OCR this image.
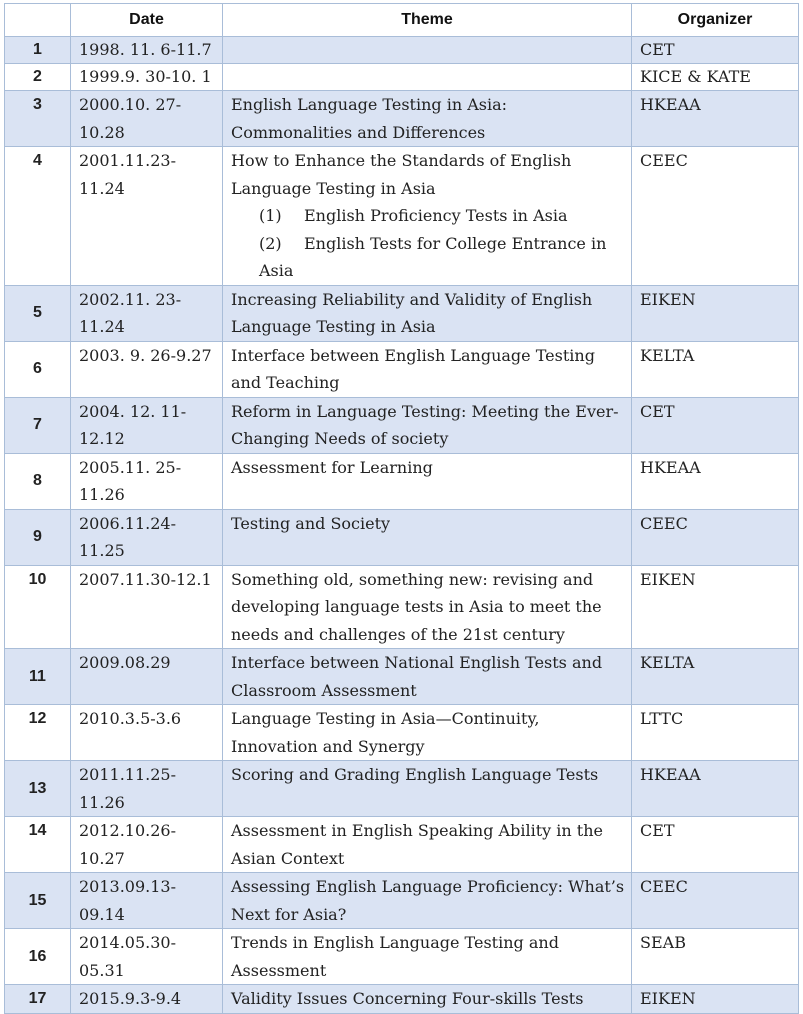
	Date	Theme	Organizer
1	1998. 11. 6-11.7		CET
2	1999.9. 30-10. 1		KICE & KATE
3	2000.10. 27-10.28	English Language Testing in Asia: Commonalities and Differences	HKEAA
4	2001.11.23-11.24	How to Enhance the Standards of English Language Testing in Asia
(1) English Proficiency Tests in Asia
(2) English Tests for College Entrance in Asia	CEEC
5	2002.11. 23-11.24	Increasing Reliability and Validity of English Language Testing in Asia	EIKEN
6	2003. 9. 26-9.27	Interface between English Language Testing and Teaching	KELTA
7	2004. 12. 11-12.12	Reform in Language Testing: Meeting the Ever-Changing Needs of society	CET
8	2005.11. 25-11.26	Assessment for Learning	HKEAA
9	2006.11.24-11.25	Testing and Society	CEEC
10	2007.11.30-12.1	Something old, something new: revising and developing language tests in Asia to meet the needs and challenges of the 21st century	EIKEN
11	2009.08.29	Interface between National English Tests and Classroom Assessment	KELTA
12	2010.3.5-3.6	Language Testing in Asia—Continuity, Innovation and Synergy	LTTC
13	2011.11.25-11.26	Scoring and Grading English Language Tests	HKEAA
14	2012.10.26-10.27	Assessment in English Speaking Ability in the Asian Context	CET
15	2013.09.13-09.14	Assessing English Language Proficiency: What’s Next for Asia?	CEEC
16	2014.05.30-05.31	Trends in English Language Testing and Assessment	SEAB
17	2015.9.3-9.4	Validity Issues Concerning Four-skills Tests	EIKEN
